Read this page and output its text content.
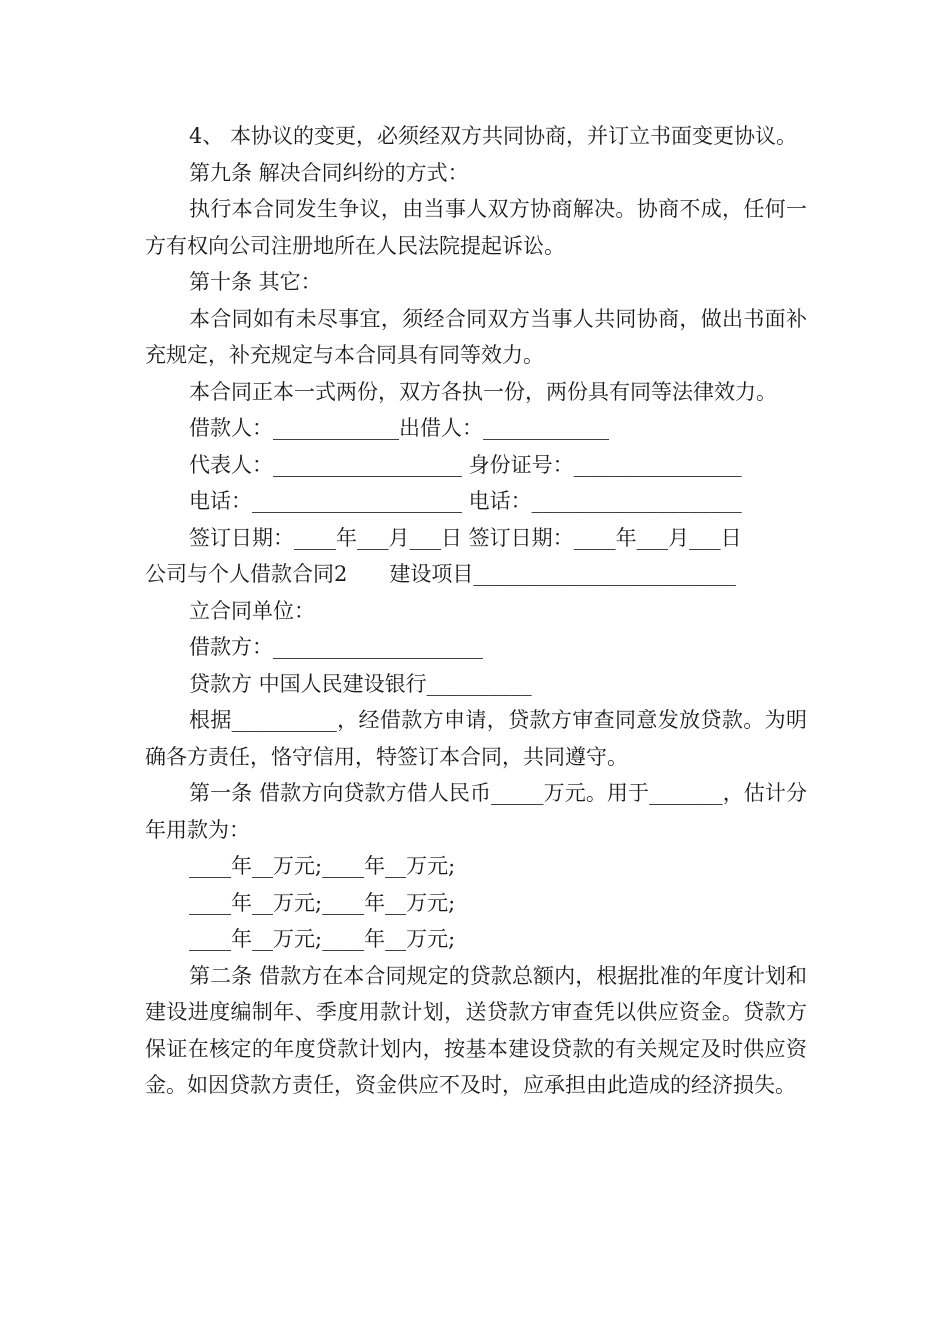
4、 本协议的变更，必须经双方共同协商，并订立书面变更协议。

第九条 解决合同纠纷的方式：

执行本合同发生争议，由当事人双方协商解决。协商不成，任何一方有权向公司注册地所在人民法院提起诉讼。

第十条 其它：

本合同如有未尽事宜，须经合同双方当事人共同协商，做出书面补充规定，补充规定与本合同具有同等效力。

本合同正本一式两份，双方各执一份，两份具有同等法律效力。

借款人：____________出借人：____________

代表人：__________________ 身份证号：________________

电话：____________________ 电话：____________________

签订日期：____年___月___日 签订日期：____年___月___日

公司与个人借款合同2　　建设项目_________________________

立合同单位：

借款方：____________________

贷款方 中国人民建设银行__________

根据__________，经借款方申请，贷款方审查同意发放贷款。为明确各方责任，恪守信用，特签订本合同，共同遵守。

第一条 借款方向贷款方借人民币_____万元。用于_______，估计分年用款为：

____年__万元;____年__万元;

____年__万元;____年__万元;

____年__万元;____年__万元;

第二条 借款方在本合同规定的贷款总额内，根据批准的年度计划和建设进度编制年、季度用款计划，送贷款方审查凭以供应资金。贷款方保证在核定的年度贷款计划内，按基本建设贷款的有关规定及时供应资金。如因贷款方责任，资金供应不及时，应承担由此造成的经济损失。
